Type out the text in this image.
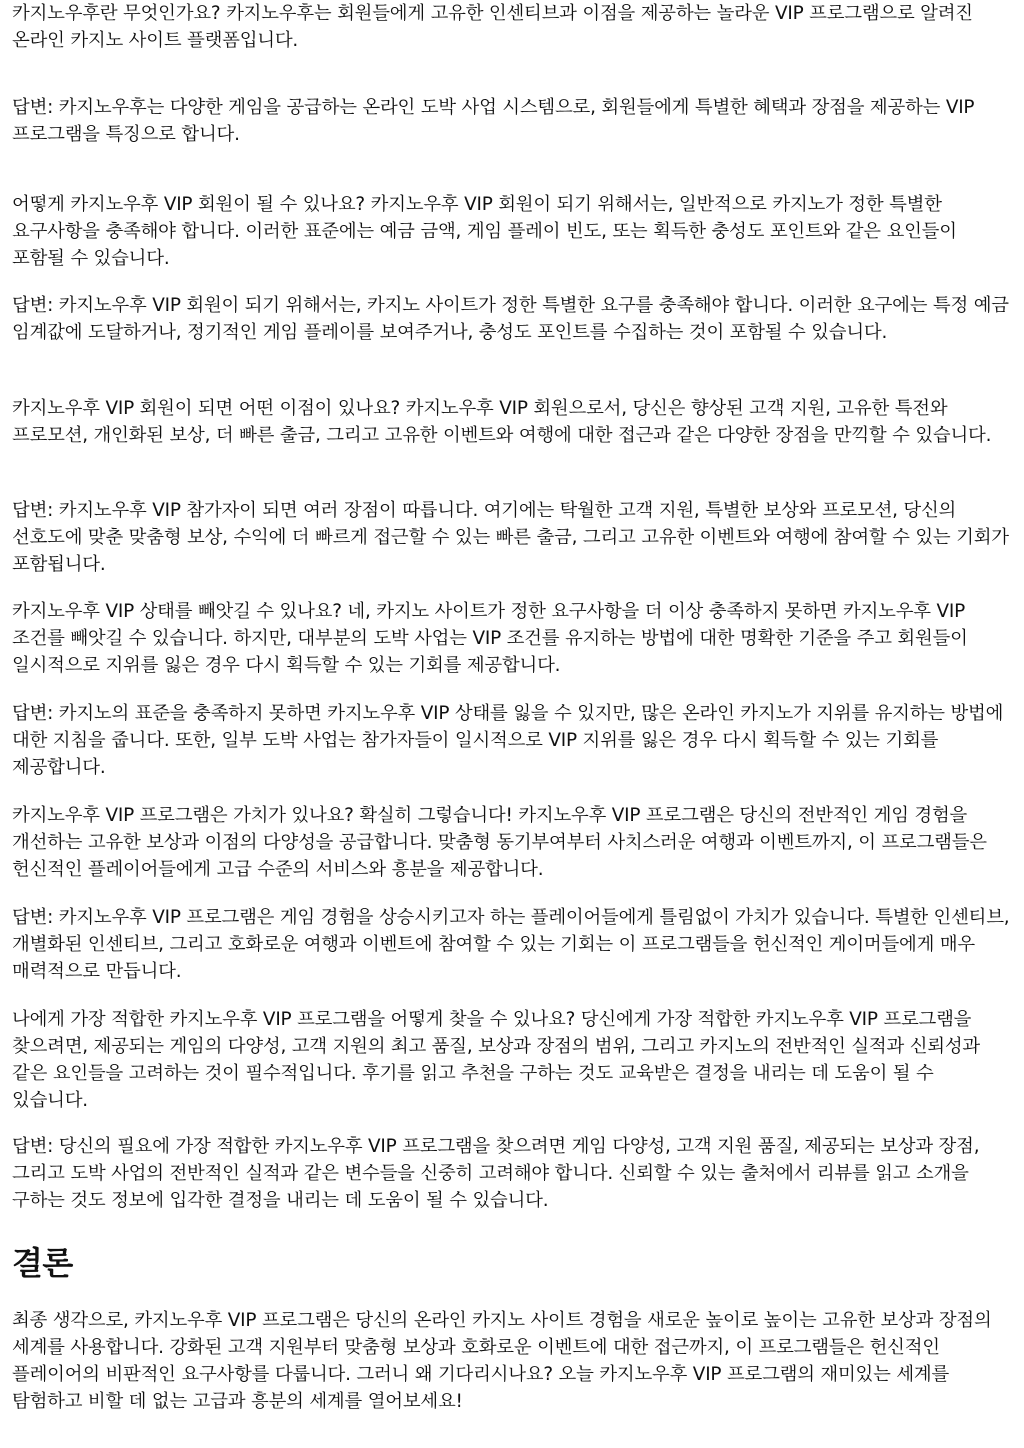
카지노우후란 무엇인가요? 카지노우후는 회원들에게 고유한 인센티브과 이점을 제공하는 놀라운 VIP 프로그램으로 알려진 온라인 카지노 사이트 플랫폼입니다.

답변: 카지노우후는 다양한 게임을 공급하는 온라인 도박 사업 시스템으로, 회원들에게 특별한 혜택과 장점을 제공하는 VIP 프로그램을 특징으로 합니다.

어떻게 카지노우후 VIP 회원이 될 수 있나요? 카지노우후 VIP 회원이 되기 위해서는, 일반적으로 카지노가 정한 특별한 요구사항을 충족해야 합니다. 이러한 표준에는 예금 금액, 게임 플레이 빈도, 또는 획득한 충성도 포인트와 같은 요인들이 포함될 수 있습니다.

답변: 카지노우후 VIP 회원이 되기 위해서는, 카지노 사이트가 정한 특별한 요구를 충족해야 합니다. 이러한 요구에는 특정 예금 임계값에 도달하거나, 정기적인 게임 플레이를 보여주거나, 충성도 포인트를 수집하는 것이 포함될 수 있습니다.

카지노우후 VIP 회원이 되면 어떤 이점이 있나요? 카지노우후 VIP 회원으로서, 당신은 향상된 고객 지원, 고유한 특전와 프로모션, 개인화된 보상, 더 빠른 출금, 그리고 고유한 이벤트와 여행에 대한 접근과 같은 다양한 장점을 만끽할 수 있습니다.

답변: 카지노우후 VIP 참가자이 되면 여러 장점이 따릅니다. 여기에는 탁월한 고객 지원, 특별한 보상와 프로모션, 당신의 선호도에 맞춘 맞춤형 보상, 수익에 더 빠르게 접근할 수 있는 빠른 출금, 그리고 고유한 이벤트와 여행에 참여할 수 있는 기회가 포함됩니다.

카지노우후 VIP 상태를 빼앗길 수 있나요? 네, 카지노 사이트가 정한 요구사항을 더 이상 충족하지 못하면 카지노우후 VIP 조건를 빼앗길 수 있습니다. 하지만, 대부분의 도박 사업는 VIP 조건를 유지하는 방법에 대한 명확한 기준을 주고 회원들이 일시적으로 지위를 잃은 경우 다시 획득할 수 있는 기회를 제공합니다.

답변: 카지노의 표준을 충족하지 못하면 카지노우후 VIP 상태를 잃을 수 있지만, 많은 온라인 카지노가 지위를 유지하는 방법에 대한 지침을 줍니다. 또한, 일부 도박 사업는 참가자들이 일시적으로 VIP 지위를 잃은 경우 다시 획득할 수 있는 기회를 제공합니다.

카지노우후 VIP 프로그램은 가치가 있나요? 확실히 그렇습니다! 카지노우후 VIP 프로그램은 당신의 전반적인 게임 경험을 개선하는 고유한 보상과 이점의 다양성을 공급합니다. 맞춤형 동기부여부터 사치스러운 여행과 이벤트까지, 이 프로그램들은 헌신적인 플레이어들에게 고급 수준의 서비스와 흥분을 제공합니다.

답변: 카지노우후 VIP 프로그램은 게임 경험을 상승시키고자 하는 플레이어들에게 틀림없이 가치가 있습니다. 특별한 인센티브, 개별화된 인센티브, 그리고 호화로운 여행과 이벤트에 참여할 수 있는 기회는 이 프로그램들을 헌신적인 게이머들에게 매우 매력적으로 만듭니다.

나에게 가장 적합한 카지노우후 VIP 프로그램을 어떻게 찾을 수 있나요? 당신에게 가장 적합한 카지노우후 VIP 프로그램을 찾으려면, 제공되는 게임의 다양성, 고객 지원의 최고 품질, 보상과 장점의 범위, 그리고 카지노의 전반적인 실적과 신뢰성과 같은 요인들을 고려하는 것이 필수적입니다. 후기를 읽고 추천을 구하는 것도 교육받은 결정을 내리는 데 도움이 될 수 있습니다.

답변: 당신의 필요에 가장 적합한 카지노우후 VIP 프로그램을 찾으려면 게임 다양성, 고객 지원 품질, 제공되는 보상과 장점, 그리고 도박 사업의 전반적인 실적과 같은 변수들을 신중히 고려해야 합니다. 신뢰할 수 있는 출처에서 리뷰를 읽고 소개을 구하는 것도 정보에 입각한 결정을 내리는 데 도움이 될 수 있습니다.

결론

최종 생각으로, 카지노우후 VIP 프로그램은 당신의 온라인 카지노 사이트 경험을 새로운 높이로 높이는 고유한 보상과 장점의 세계를 사용합니다. 강화된 고객 지원부터 맞춤형 보상과 호화로운 이벤트에 대한 접근까지, 이 프로그램들은 헌신적인 플레이어의 비판적인 요구사항를 다룹니다. 그러니 왜 기다리시나요? 오늘 카지노우후 VIP 프로그램의 재미있는 세계를 탐험하고 비할 데 없는 고급과 흥분의 세계를 열어보세요!
